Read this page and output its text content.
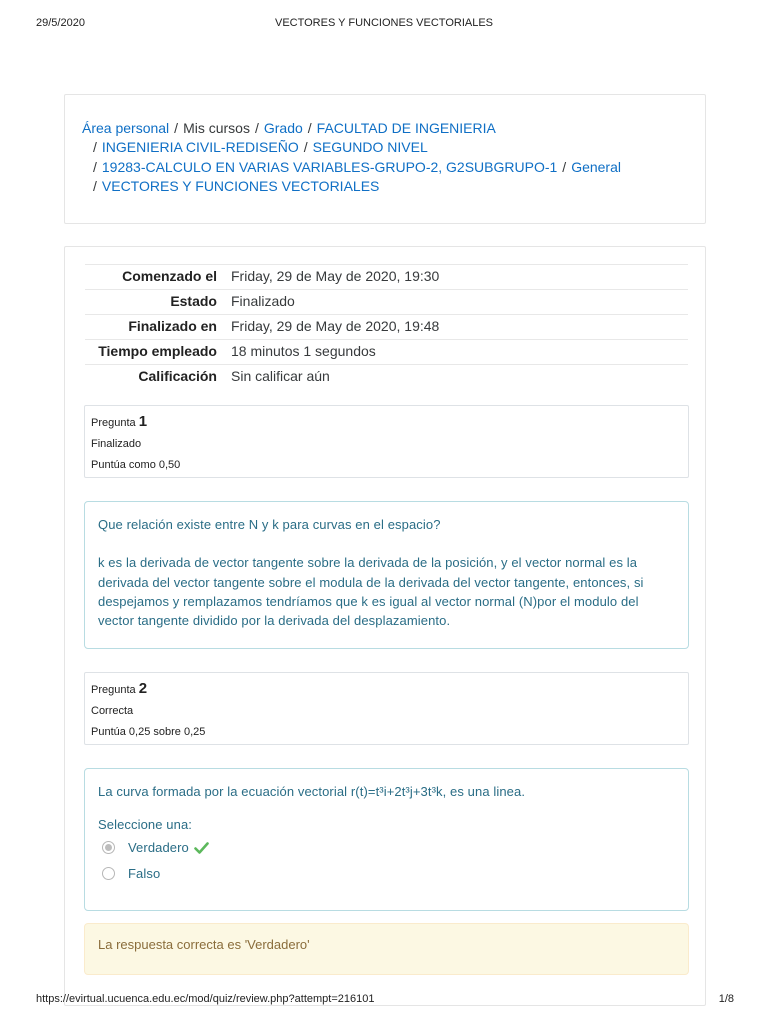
29/5/2020	VECTORES Y FUNCIONES VECTORIALES
Área personal / Mis cursos / Grado / FACULTAD DE INGENIERIA
/ INGENIERIA CIVIL-REDISEÑO / SEGUNDO NIVEL
/ 19283-CALCULO EN VARIAS VARIABLES-GRUPO-2, G2SUBGRUPO-1 / General
/ VECTORES Y FUNCIONES VECTORIALES
Comenzado el	Friday, 29 de May de 2020, 19:30
Estado	Finalizado
Finalizado en	Friday, 29 de May de 2020, 19:48
Tiempo empleado	18 minutos 1 segundos
Calificación	Sin calificar aún
Pregunta 1
Finalizado
Puntúa como 0,50

Que relación existe entre N y k para curvas en el espacio?

k es la derivada de vector tangente sobre la derivada de la posición, y el vector normal es la derivada del vector tangente sobre el modula de la derivada del vector tangente, entonces, si despejamos y remplazamos tendríamos que k es igual al vector normal (N)por el modulo del vector tangente dividido por la derivada del desplazamiento.

Pregunta 2
Correcta
Puntúa 0,25 sobre 0,25

La curva formada por la ecuación vectorial r(t)=t³i+2t³j+3t³k, es una linea.

Seleccione una:

Verdadero
Falso
La respuesta correcta es 'Verdadero'
https://evirtual.ucuenca.edu.ec/mod/quiz/review.php?attempt=216101	1/8
